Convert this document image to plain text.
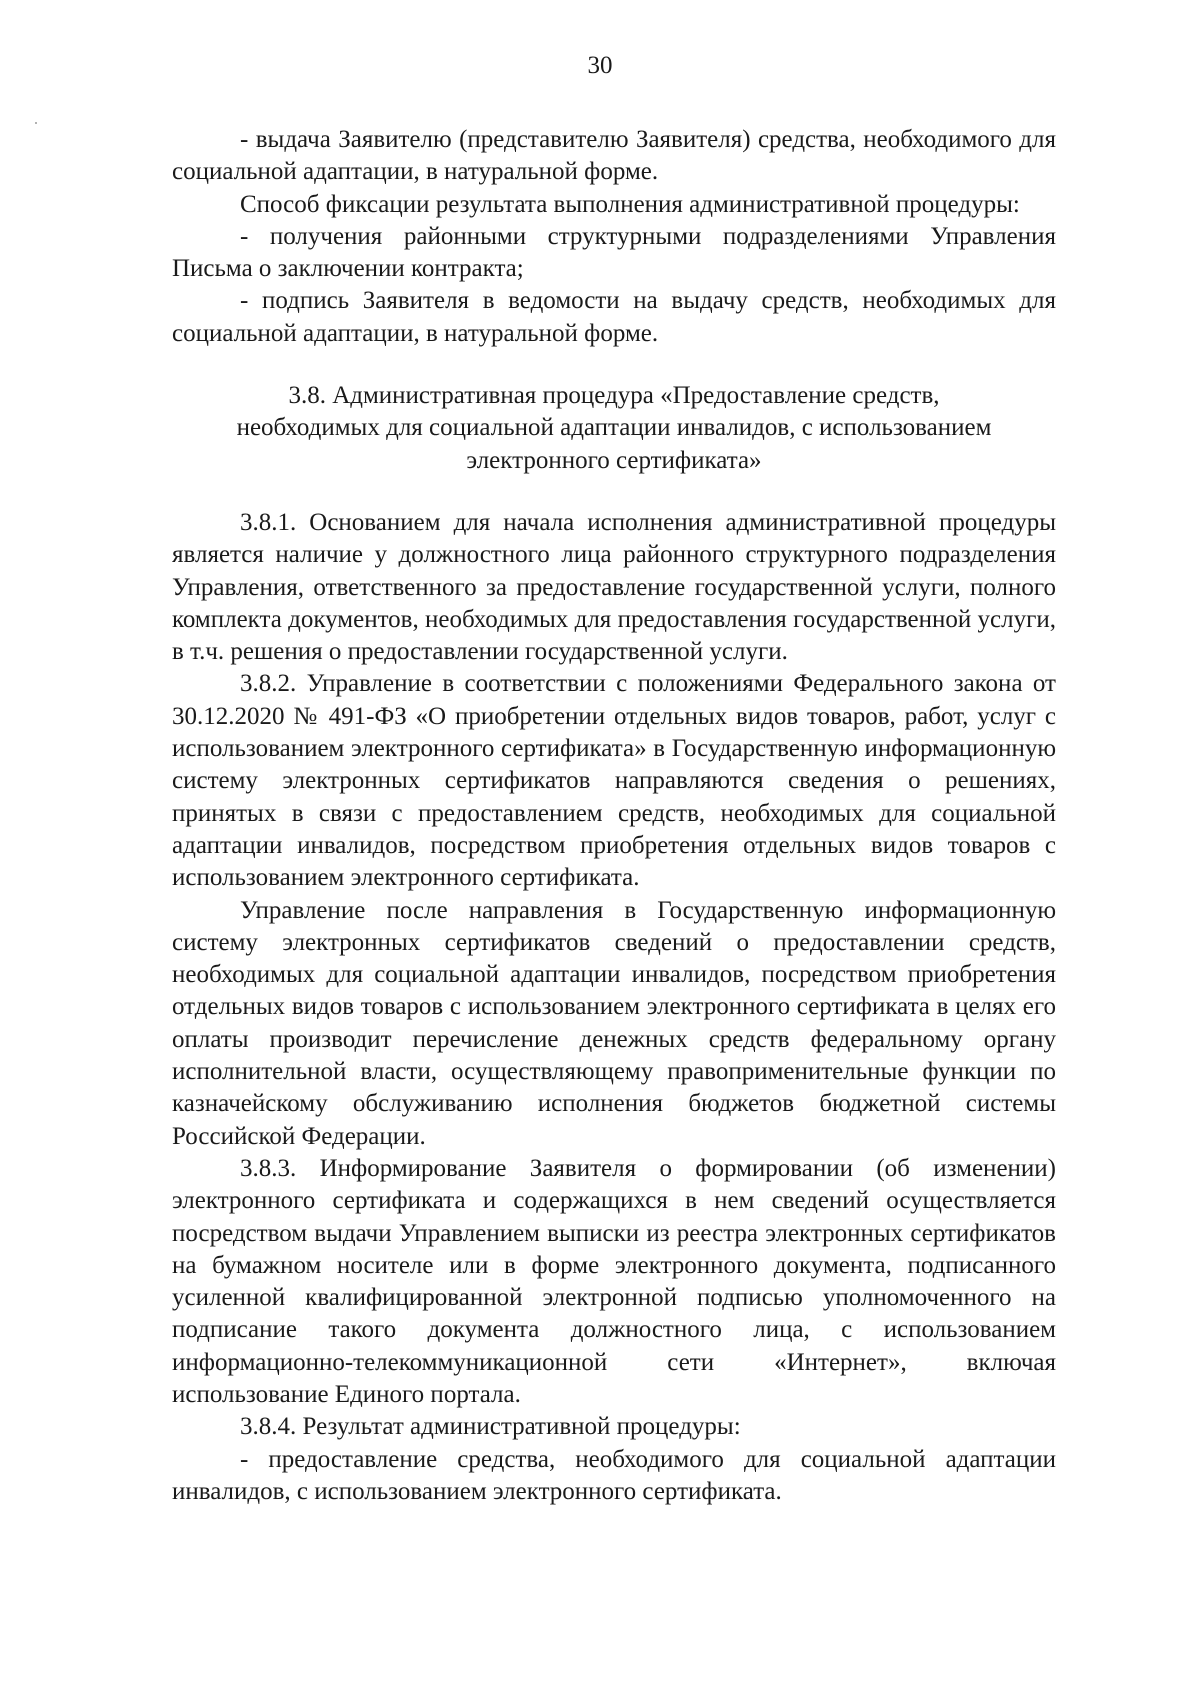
30

- выдача Заявителю (представителю Заявителя) средства, необходимого для социальной адаптации, в натуральной форме.

Способ фиксации результата выполнения административной процедуры:

- получения районными структурными подразделениями Управления Письма о заключении контракта;

- подпись Заявителя в ведомости на выдачу средств, необходимых для социальной адаптации, в натуральной форме.

3.8. Административная процедура «Предоставление средств,

необходимых для социальной адаптации инвалидов, с использованием

электронного сертификата»

3.8.1. Основанием для начала исполнения административной процедуры является наличие у должностного лица районного структурного подразделения Управления, ответственного за предоставление государственной услуги, полного комплекта документов, необходимых для предоставления государственной услуги, в т.ч. решения о предоставлении государственной услуги.

3.8.2. Управление в соответствии с положениями Федерального закона от 30.12.2020 № 491-ФЗ «О приобретении отдельных видов товаров, работ, услуг с использованием электронного сертификата» в Государственную информационную систему электронных сертификатов направляются сведения о решениях, принятых в связи с предоставлением средств, необходимых для социальной адаптации инвалидов, посредством приобретения отдельных видов товаров с использованием электронного сертификата.

Управление после направления в Государственную информационную систему электронных сертификатов сведений о предоставлении средств, необходимых для социальной адаптации инвалидов, посредством приобретения отдельных видов товаров с использованием электронного сертификата в целях его оплаты производит перечисление денежных средств федеральному органу исполнительной власти, осуществляющему правоприменительные функции по казначейскому обслуживанию исполнения бюджетов бюджетной системы Российской Федерации.

3.8.3. Информирование Заявителя о формировании (об изменении) электронного сертификата и содержащихся в нем сведений осуществляется посредством выдачи Управлением выписки из реестра электронных сертификатов на бумажном носителе или в форме электронного документа, подписанного усиленной квалифицированной электронной подписью уполномоченного на подписание такого документа должностного лица, с использованием информационно-телекоммуникационной сети «Интернет», включая использование Единого портала.

3.8.4. Результат административной процедуры:

- предоставление средства, необходимого для социальной адаптации инвалидов, с использованием электронного сертификата.
